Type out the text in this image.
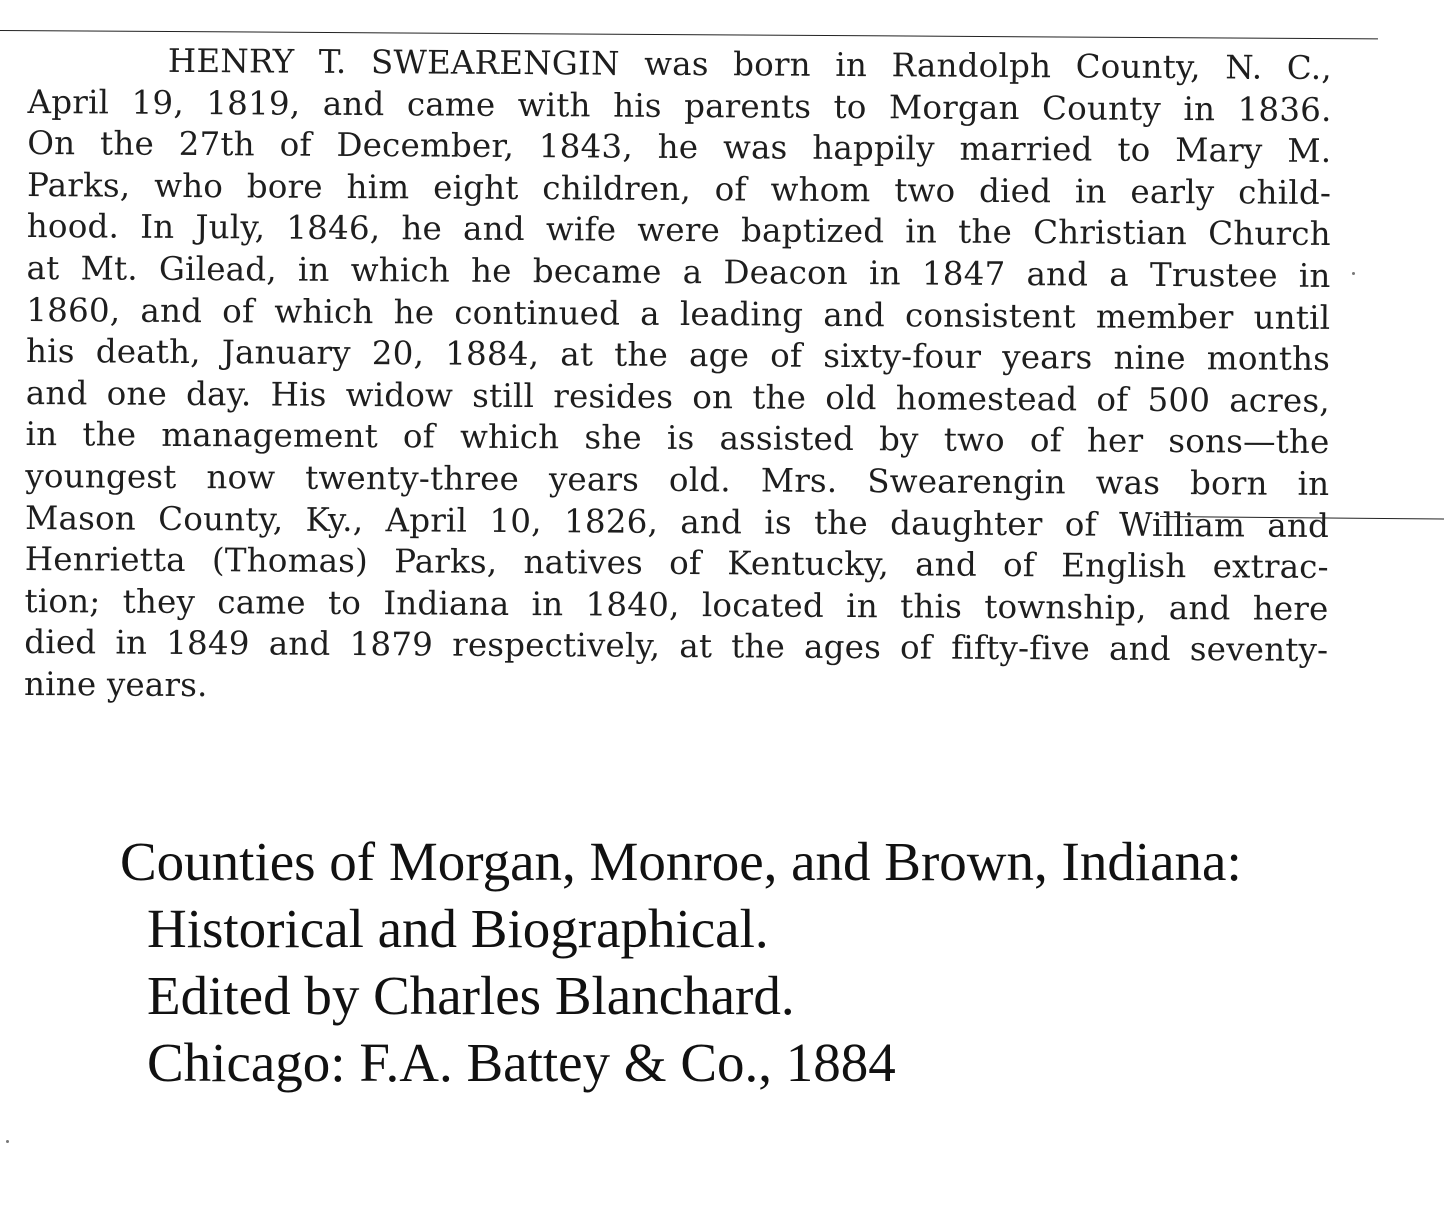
HENRY T. SWEARENGIN was born in Randolph County, N. C.,
April 19, 1819, and came with his parents to Morgan County in 1836.
On the 27th of December, 1843, he was happily married to Mary M.
Parks, who bore him eight children, of whom two died in early child-
hood. In July, 1846, he and wife were baptized in the Christian Church
at Mt. Gilead, in which he became a Deacon in 1847 and a Trustee in
1860, and of which he continued a leading and consistent member until
his death, January 20, 1884, at the age of sixty-four years nine months
and one day. His widow still resides on the old homestead of 500 acres,
in the management of which she is assisted by two of her sons—the
youngest now twenty-three years old. Mrs. Swearengin was born in
Mason County, Ky., April 10, 1826, and is the daughter of William and
Henrietta (Thomas) Parks, natives of Kentucky, and of English extrac-
tion; they came to Indiana in 1840, located in this township, and here
died in 1849 and 1879 respectively, at the ages of fifty-five and seventy-
nine years.
Counties of Morgan, Monroe, and Brown, Indiana:
Historical and Biographical.
Edited by Charles Blanchard.
Chicago: F.A. Battey & Co., 1884
